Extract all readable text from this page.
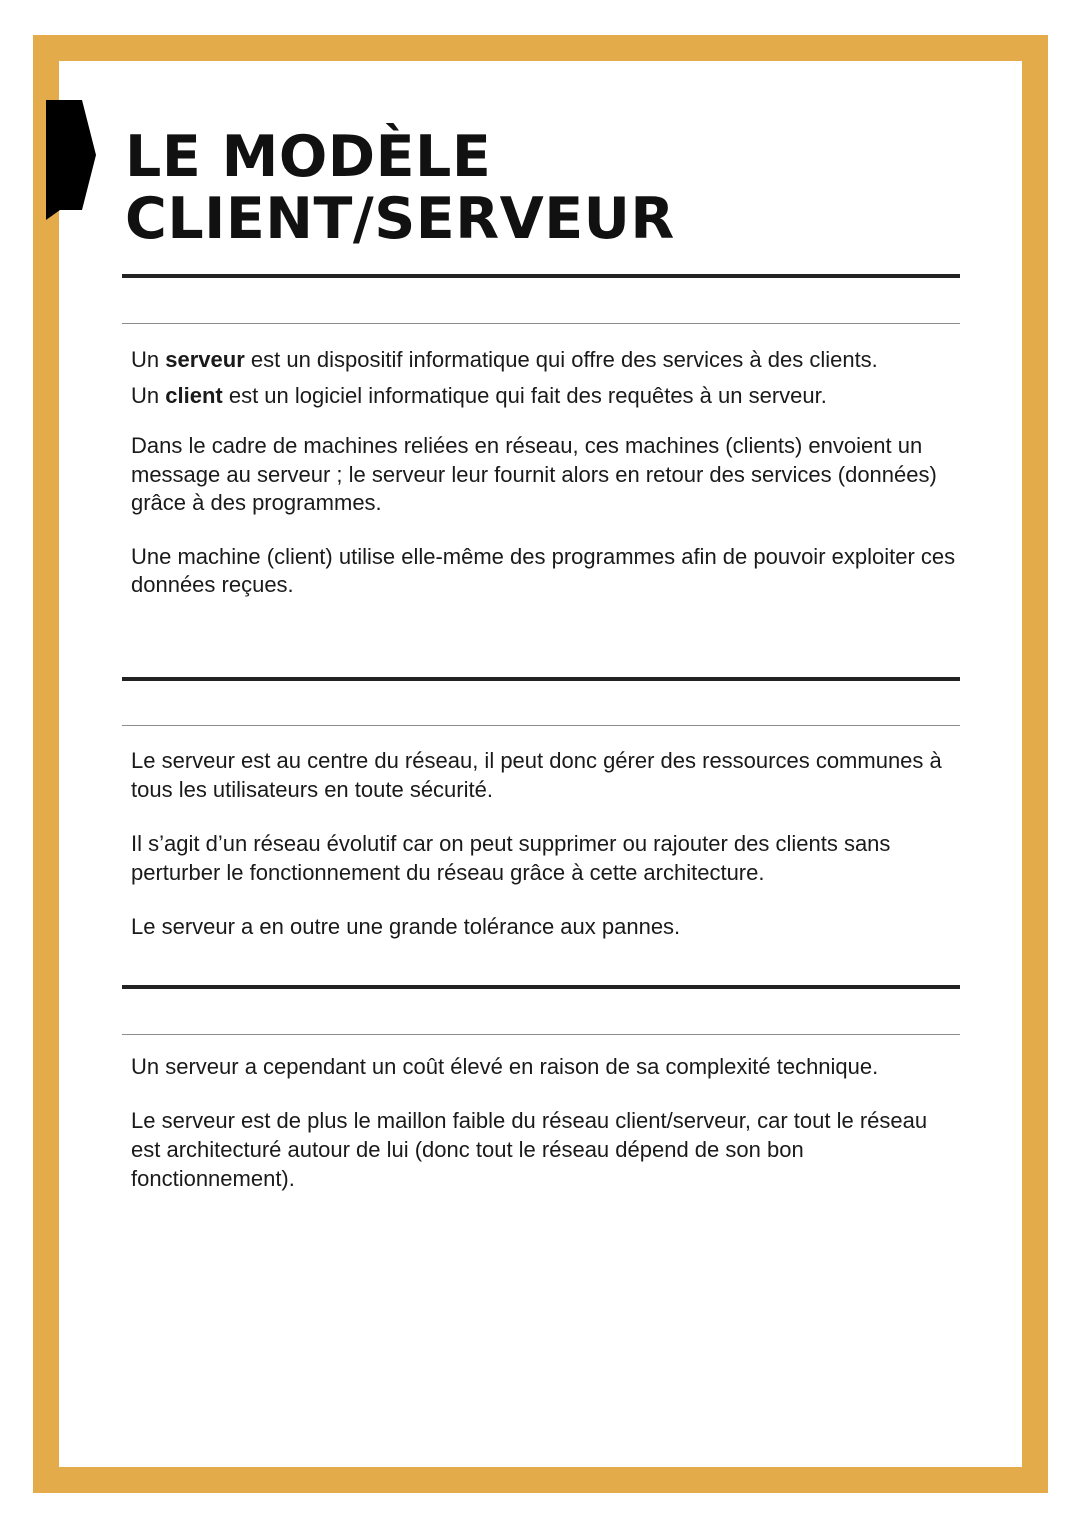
LE MODÈLE
CLIENT/SERVEUR

Un serveur est un dispositif informatique qui offre des services à des clients.

Un client est un logiciel informatique qui fait des requêtes à un serveur.

Dans le cadre de machines reliées en réseau, ces machines (clients) envoient un message au serveur ; le serveur leur fournit alors en retour des services (données) grâce à des programmes.

Une machine (client) utilise elle-même des programmes afin de pouvoir exploiter ces données reçues.

Le serveur est au centre du réseau, il peut donc gérer des ressources communes à tous les utilisateurs en toute sécurité.

Il s’agit d’un réseau évolutif car on peut supprimer ou rajouter des clients sans perturber le fonctionnement du réseau grâce à cette architecture.

Le serveur a en outre une grande tolérance aux pannes.

Un serveur a cependant un coût élevé en raison de sa complexité technique.

Le serveur est de plus le maillon faible du réseau client/serveur, car tout le réseau est architecturé autour de lui (donc tout le réseau dépend de son bon fonctionnement).
